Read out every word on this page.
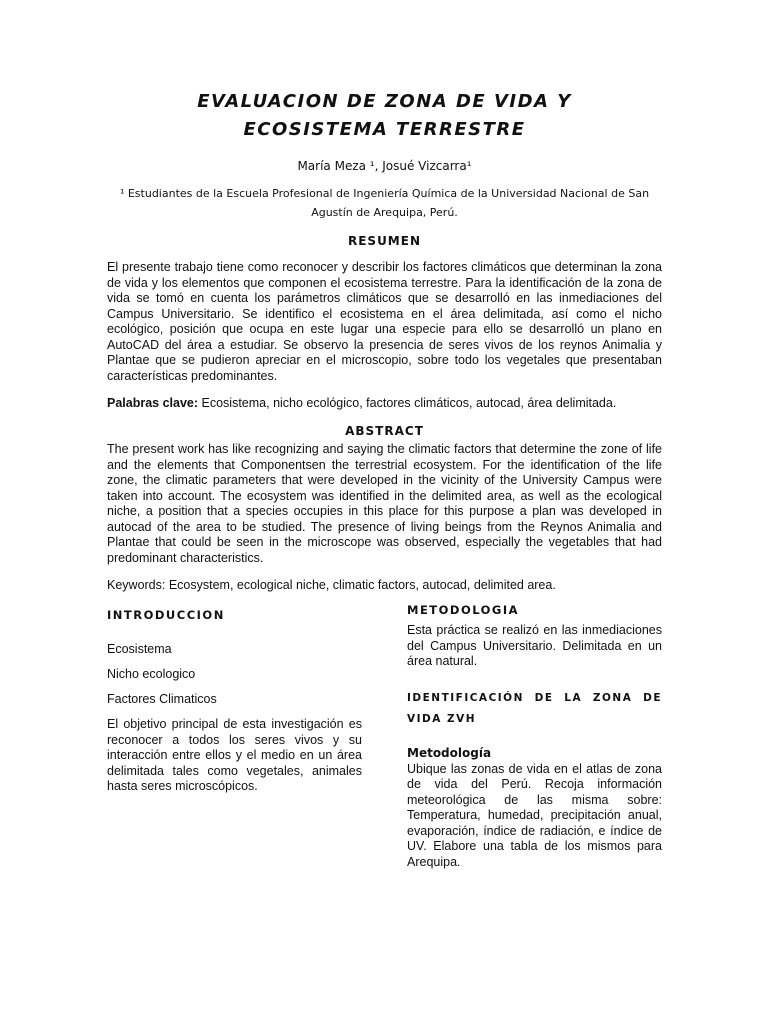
EVALUACION DE ZONA DE VIDA Y ECOSISTEMA TERRESTRE
María Meza ¹, Josué Vizcarra¹
¹ Estudiantes de la Escuela Profesional de Ingeniería Química de la Universidad Nacional de San Agustín de Arequipa, Perú.
RESUMEN

El presente trabajo tiene como reconocer y describir los factores climáticos que determinan la zona de vida y los elementos que componen el ecosistema terrestre. Para la identificación de la zona de vida se tomó en cuenta los parámetros climáticos que se desarrolló en las inmediaciones del Campus Universitario. Se identifico el ecosistema en el área delimitada, así como el nicho ecológico, posición que ocupa en este lugar una especie para ello se desarrolló un plano en AutoCAD del área a estudiar. Se observo la presencia de seres vivos de los reynos Animalia y Plantae que se pudieron apreciar en el microscopio, sobre todo los vegetales que presentaban características predominantes.

Palabras clave: Ecosistema, nicho ecológico, factores climáticos, autocad, área delimitada.

ABSTRACT

The present work has like recognizing and saying the climatic factors that determine the zone of life and the elements that Componentsen the terrestrial ecosystem. For the identification of the life zone, the climatic parameters that were developed in the vicinity of the University Campus were taken into account. The ecosystem was identified in the delimited area, as well as the ecological niche, a position that a species occupies in this place for this purpose a plan was developed in autocad of the area to be studied. The presence of living beings from the Reynos Animalia and Plantae that could be seen in the microscope was observed, especially the vegetables that had predominant characteristics.

Keywords: Ecosystem, ecological niche, climatic factors, autocad, delimited area.

INTRODUCCION

Ecosistema

Nicho ecologico

Factores Climaticos

El objetivo principal de esta investigación es reconocer a todos los seres vivos y su interacción entre ellos y el medio en un área delimitada tales como vegetales, animales hasta seres microscópicos.

METODOLOGIA

Esta práctica se realizó en las inmediaciones del Campus Universitario. Delimitada en un área natural.

IDENTIFICACIÓN DE LA ZONA DE VIDA ZVH
Metodología

Ubique las zonas de vida en el atlas de zona de vida del Perú. Recoja información meteorológica de las misma sobre: Temperatura, humedad, precipitación anual, evaporación, índice de radiación, e índice de UV. Elabore una tabla de los mismos para Arequipa.
